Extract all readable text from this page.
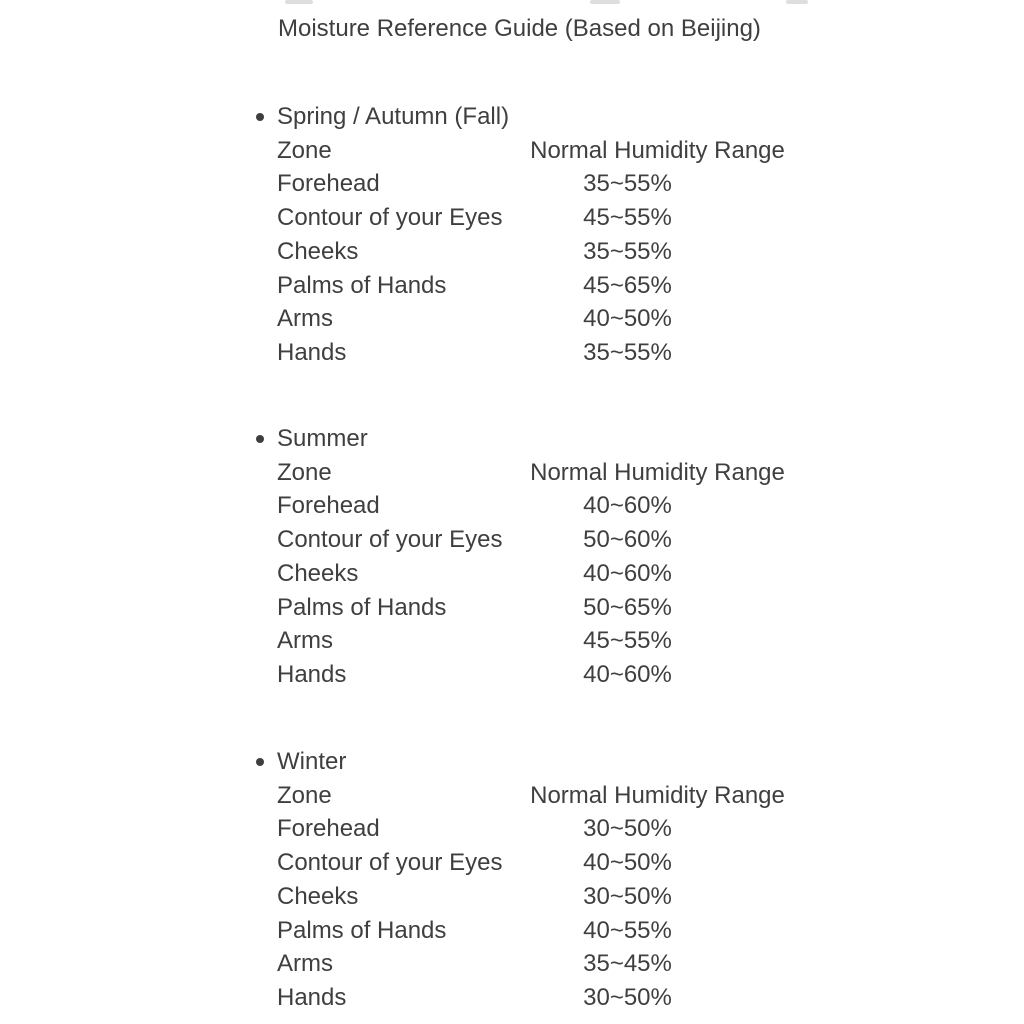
Moisture Reference Guide (Based on Beijing)
Spring / Autumn (Fall)
Zone	Normal Humidity Range
Forehead	35~55%
Contour of your Eyes	45~55%
Cheeks	35~55%
Palms of Hands	45~65%
Arms	40~50%
Hands	35~55%
Summer
Zone	Normal Humidity Range
Forehead	40~60%
Contour of your Eyes	50~60%
Cheeks	40~60%
Palms of Hands	50~65%
Arms	45~55%
Hands	40~60%
Winter
Zone	Normal Humidity Range
Forehead	30~50%
Contour of your Eyes	40~50%
Cheeks	30~50%
Palms of Hands	40~55%
Arms	35~45%
Hands	30~50%
